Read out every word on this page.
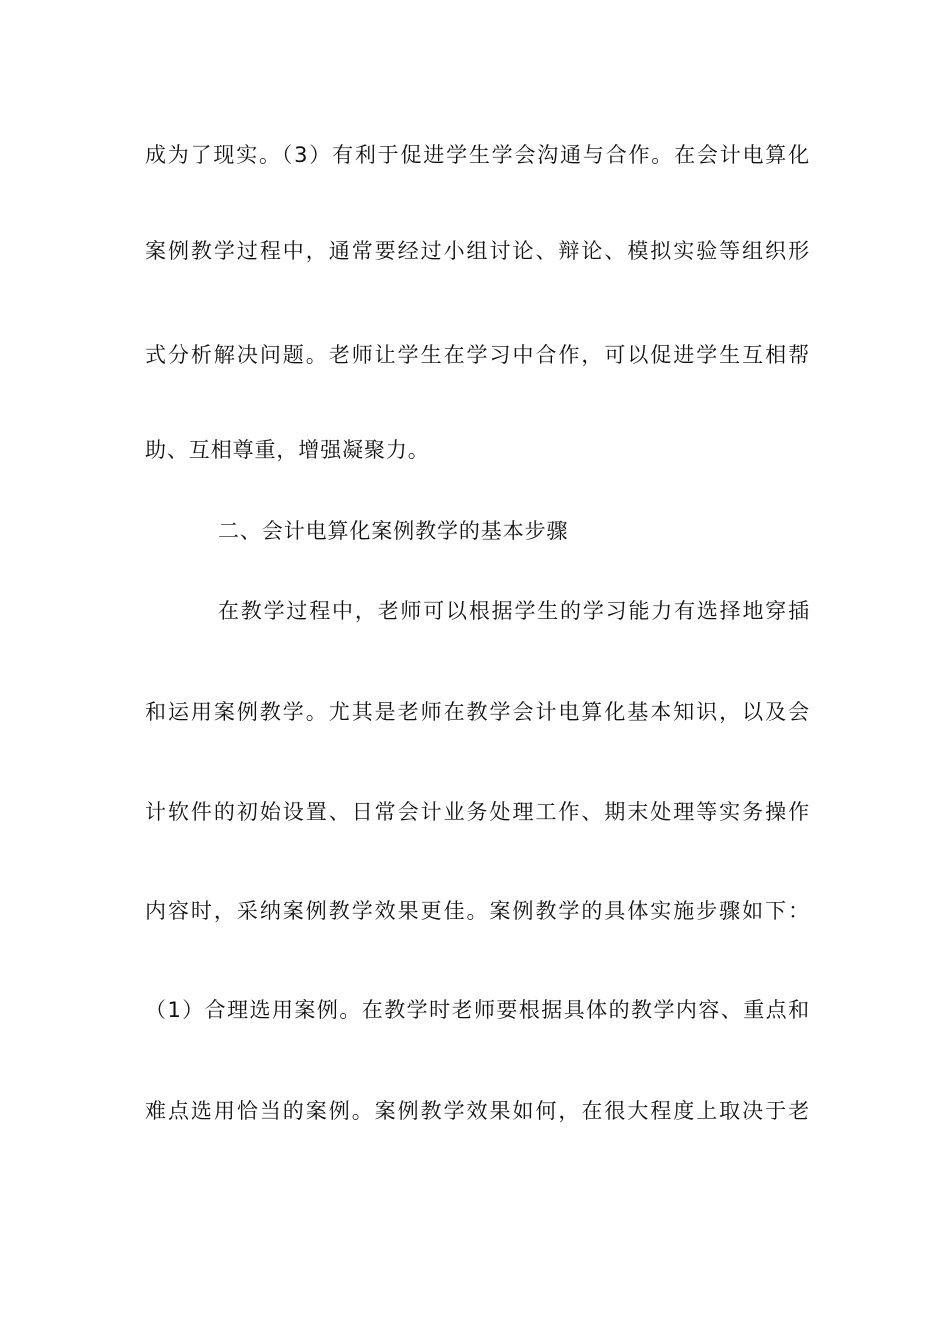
成为了现实。（3）有利于促进学生学会沟通与合作。在会计电算化
案例教学过程中，通常要经过小组讨论、辩论、模拟实验等组织形
式分析解决问题。老师让学生在学习中合作，可以促进学生互相帮
助、互相尊重，增强凝聚力。
二、会计电算化案例教学的基本步骤
在教学过程中，老师可以根据学生的学习能力有选择地穿插
和运用案例教学。尤其是老师在教学会计电算化基本知识，以及会
计软件的初始设置、日常会计业务处理工作、期末处理等实务操作
内容时，采纳案例教学效果更佳。案例教学的具体实施步骤如下：
（1）合理选用案例。在教学时老师要根据具体的教学内容、重点和
难点选用恰当的案例。案例教学效果如何，在很大程度上取决于老
